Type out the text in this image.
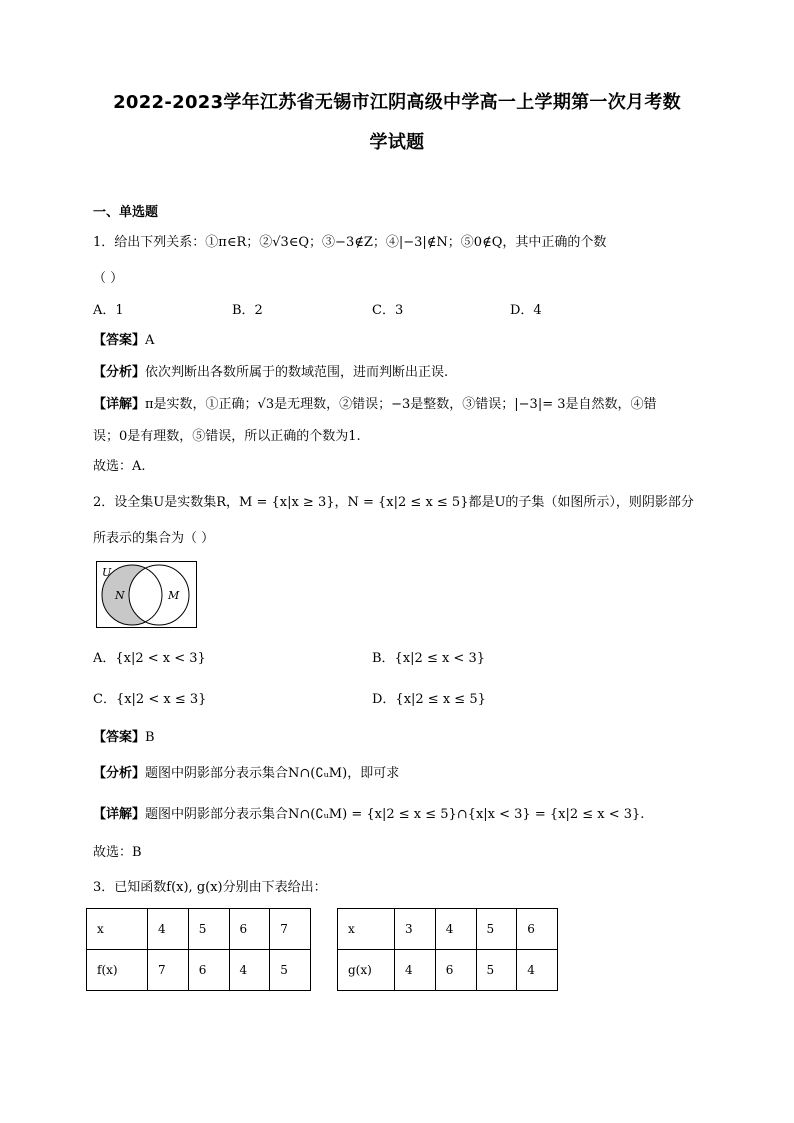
2022-2023学年江苏省无锡市江阴高级中学高一上学期第一次月考数
学试题
一、单选题
1．给出下列关系：①π∈R；②√3∈Q；③−3∉Z；④|−3|∉N；⑤0∉Q，其中正确的个数
（ ）
A．1	B．2	C．3	D．4
【答案】A
【分析】依次判断出各数所属于的数域范围，进而判断出正误.
【详解】π是实数，①正确；√3是无理数，②错误；−3是整数，③错误；|−3|= 3是自然数，④错
误；0是有理数，⑤错误，所以正确的个数为1.
故选：A.
2．设全集U是实数集R，M = {x|x ≥ 3}，N = {x|2 ≤ x ≤ 5}都是U的子集（如图所示），则阴影部分
所表示的集合为（ ）
U
N	M
A．{x|2 < x < 3}	B．{x|2 ≤ x < 3}
C．{x|2 < x ≤ 3}	D．{x|2 ≤ x ≤ 5}
【答案】B
【分析】题图中阴影部分表示集合N∩(∁ᵤM)，即可求
【详解】题图中阴影部分表示集合N∩(∁ᵤM) = {x|2 ≤ x ≤ 5}∩{x|x < 3} = {x|2 ≤ x < 3}.
故选：B
3．已知函数f(x), g(x)分别由下表给出：
x	4	5	6	7
f(x)	7	6	4	5
x	3	4	5	6
g(x)	4	6	5	4
